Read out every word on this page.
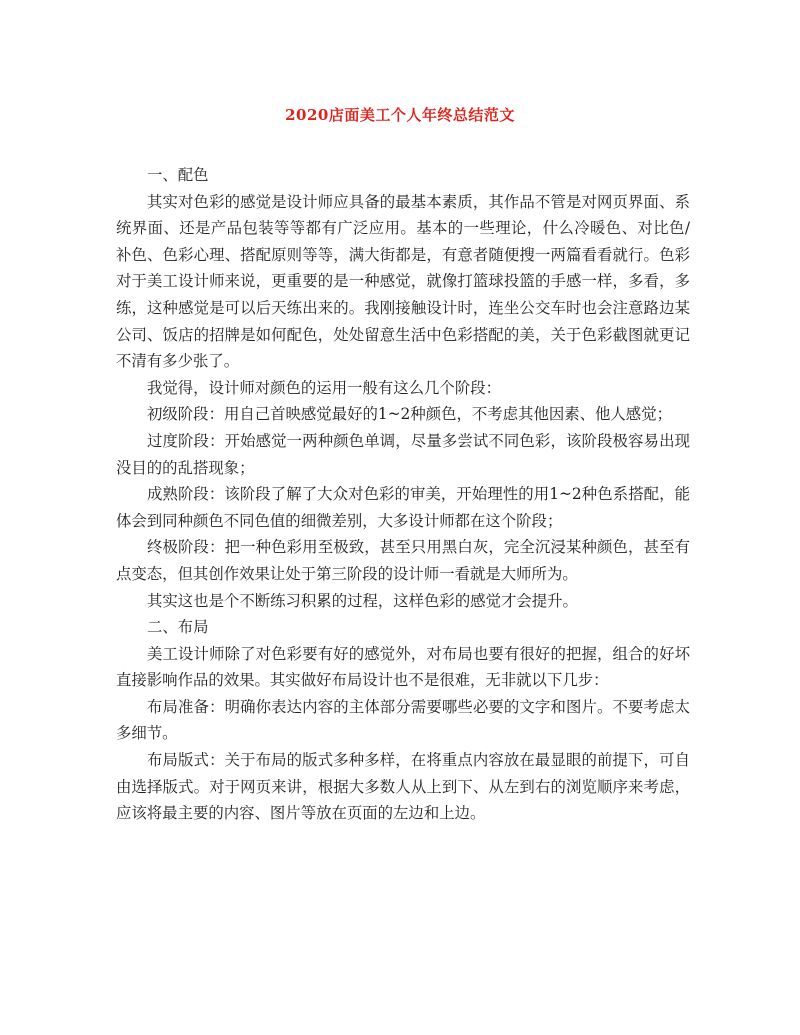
2020店面美工个人年终总结范文

一、配色

其实对色彩的感觉是设计师应具备的最基本素质，其作品不管是对网页界面、系统界面、还是产品包装等等都有广泛应用。基本的一些理论，什么冷暖色、对比色/补色、色彩心理、搭配原则等等，满大街都是，有意者随便搜一两篇看看就行。色彩对于美工设计师来说，更重要的是一种感觉，就像打篮球投篮的手感一样，多看，多练，这种感觉是可以后天练出来的。我刚接触设计时，连坐公交车时也会注意路边某公司、饭店的招牌是如何配色，处处留意生活中色彩搭配的美，关于色彩截图就更记不清有多少张了。

我觉得，设计师对颜色的运用一般有这么几个阶段：

初级阶段：用自己首映感觉最好的1~2种颜色，不考虑其他因素、他人感觉；

过度阶段：开始感觉一两种颜色单调，尽量多尝试不同色彩，该阶段极容易出现没目的的乱搭现象；

成熟阶段：该阶段了解了大众对色彩的审美，开始理性的用1~2种色系搭配，能体会到同种颜色不同色值的细微差别，大多设计师都在这个阶段；

终极阶段：把一种色彩用至极致，甚至只用黑白灰，完全沉浸某种颜色，甚至有点变态，但其创作效果让处于第三阶段的设计师一看就是大师所为。

其实这也是个不断练习积累的过程，这样色彩的感觉才会提升。

二、布局

美工设计师除了对色彩要有好的感觉外，对布局也要有很好的把握，组合的好坏直接影响作品的效果。其实做好布局设计也不是很难，无非就以下几步：

布局准备：明确你表达内容的主体部分需要哪些必要的文字和图片。不要考虑太多细节。

布局版式：关于布局的版式多种多样，在将重点内容放在最显眼的前提下，可自由选择版式。对于网页来讲，根据大多数人从上到下、从左到右的浏览顺序来考虑，应该将最主要的内容、图片等放在页面的左边和上边。
